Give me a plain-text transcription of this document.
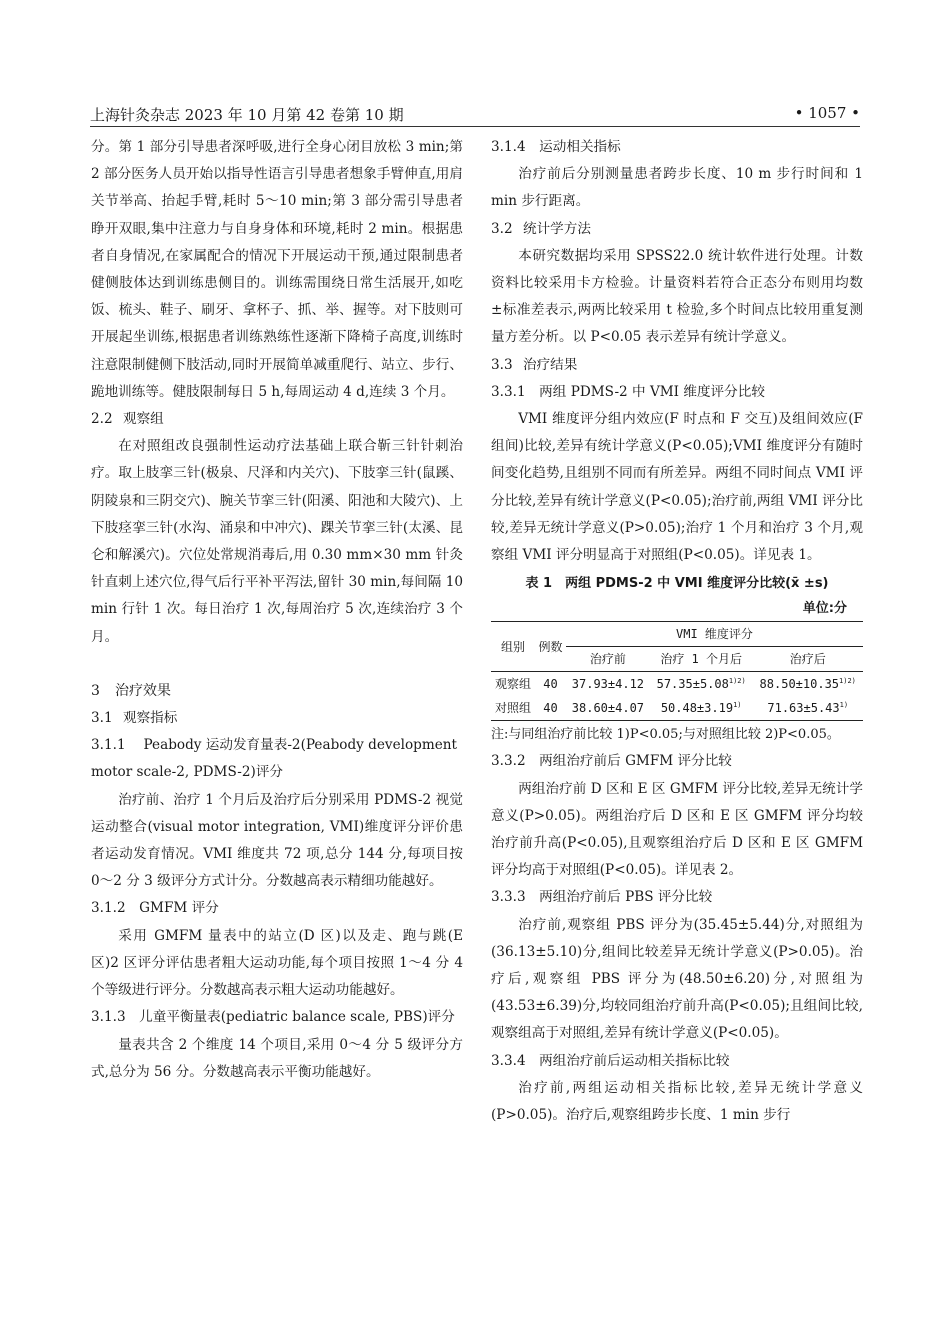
上海针灸杂志 2023 年 10 月第 42 卷第 10 期	• 1057 •

分。第 1 部分引导患者深呼吸,进行全身心闭目放松 3 min;第 2 部分医务人员开始以指导性语言引导患者想象手臂伸直,用肩关节举高、抬起手臂,耗时 5～10 min;第 3 部分需引导患者睁开双眼,集中注意力与自身身体和环境,耗时 2 min。根据患者自身情况,在家属配合的情况下开展运动干预,通过限制患者健侧肢体达到训练患侧目的。训练需围绕日常生活展开,如吃饭、梳头、鞋子、刷牙、拿杯子、抓、举、握等。对下肢则可开展起坐训练,根据患者训练熟练性逐渐下降椅子高度,训练时注意限制健侧下肢活动,同时开展简单减重爬行、站立、步行、跪地训练等。健肢限制每日 5 h,每周运动 4 d,连续 3 个月。

2.2 观察组

在对照组改良强制性运动疗法基础上联合靳三针针刺治疗。取上肢挛三针(极泉、尺泽和内关穴)、下肢挛三针(鼠蹊、阴陵泉和三阴交穴)、腕关节挛三针(阳溪、阳池和大陵穴)、上下肢痉挛三针(水沟、涌泉和中冲穴)、踝关节挛三针(太溪、昆仑和解溪穴)。穴位处常规消毒后,用 0.30 mm×30 mm 针灸针直刺上述穴位,得气后行平补平泻法,留针 30 min,每间隔 10 min 行针 1 次。每日治疗 1 次,每周治疗 5 次,连续治疗 3 个月。

3 治疗效果

3.1 观察指标

3.1.1　 Peabody 运动发育量表-2(Peabody development motor scale-2, PDMS-2)评分

治疗前、治疗 1 个月后及治疗后分别采用 PDMS-2 视觉运动整合(visual motor integration, VMI)维度评分评价患者运动发育情况。VMI 维度共 72 项,总分 144 分,每项目按 0～2 分 3 级评分方式计分。分数越高表示精细功能越好。

3.1.2　GMFM 评分

采用 GMFM 量表中的站立(D 区)以及走、跑与跳(E 区)2 区评分评估患者粗大运动功能,每个项目按照 1～4 分 4 个等级进行评分。分数越高表示粗大运动功能越好。

3.1.3　儿童平衡量表(pediatric balance scale, PBS)评分

量表共含 2 个维度 14 个项目,采用 0～4 分 5 级评分方式,总分为 56 分。分数越高表示平衡功能越好。

3.1.4　运动相关指标

治疗前后分别测量患者跨步长度、10 m 步行时间和 1 min 步行距离。

3.2 统计学方法

本研究数据均采用 SPSS22.0 统计软件进行处理。计数资料比较采用卡方检验。计量资料若符合正态分布则用均数±标准差表示,两两比较采用 t 检验,多个时间点比较用重复测量方差分析。以 P<0.05 表示差异有统计学意义。

3.3 治疗结果

3.3.1　两组 PDMS-2 中 VMI 维度评分比较

VMI 维度评分组内效应(F 时点和 F 交互)及组间效应(F 组间)比较,差异有统计学意义(P<0.05);VMI 维度评分有随时间变化趋势,且组别不同而有所差异。两组不同时间点 VMI 评分比较,差异有统计学意义(P<0.05);治疗前,两组 VMI 评分比较,差异无统计学意义(P>0.05);治疗 1 个月和治疗 3 个月,观察组 VMI 评分明显高于对照组(P<0.05)。详见表 1。

表 1　两组 PDMS-2 中 VMI 维度评分比较(x̄ ±s)
单位:分
组别	例数	VMI 维度评分		
		治疗前	治疗 1 个月后	治疗后
观察组	40	37.93±4.12	$57.35\pm 5.08^{1)2)}$	$88.50\pm 10.35^{1)2)}$
对照组	40	38.60±4.07	$50.48\pm 3.19^{1)}$	$71.63\pm 5.43^{1)}$

注:与同组治疗前比较 1)P<0.05;与对照组比较 2)P<0.05。

3.3.2　两组治疗前后 GMFM 评分比较

两组治疗前 D 区和 E 区 GMFM 评分比较,差异无统计学意义(P>0.05)。两组治疗后 D 区和 E 区 GMFM 评分均较治疗前升高(P<0.05),且观察组治疗后 D 区和 E 区 GMFM 评分均高于对照组(P<0.05)。详见表 2。

3.3.3　两组治疗前后 PBS 评分比较

治疗前,观察组 PBS 评分为(35.45±5.44)分,对照组为(36.13±5.10)分,组间比较差异无统计学意义(P>0.05)。治疗后,观察组 PBS 评分为(48.50±6.20)分,对照组为(43.53±6.39)分,均较同组治疗前升高(P<0.05);且组间比较,观察组高于对照组,差异有统计学意义(P<0.05)。

3.3.4　两组治疗前后运动相关指标比较

治疗前,两组运动相关指标比较,差异无统计学意义(P>0.05)。治疗后,观察组跨步长度、1 min 步行
